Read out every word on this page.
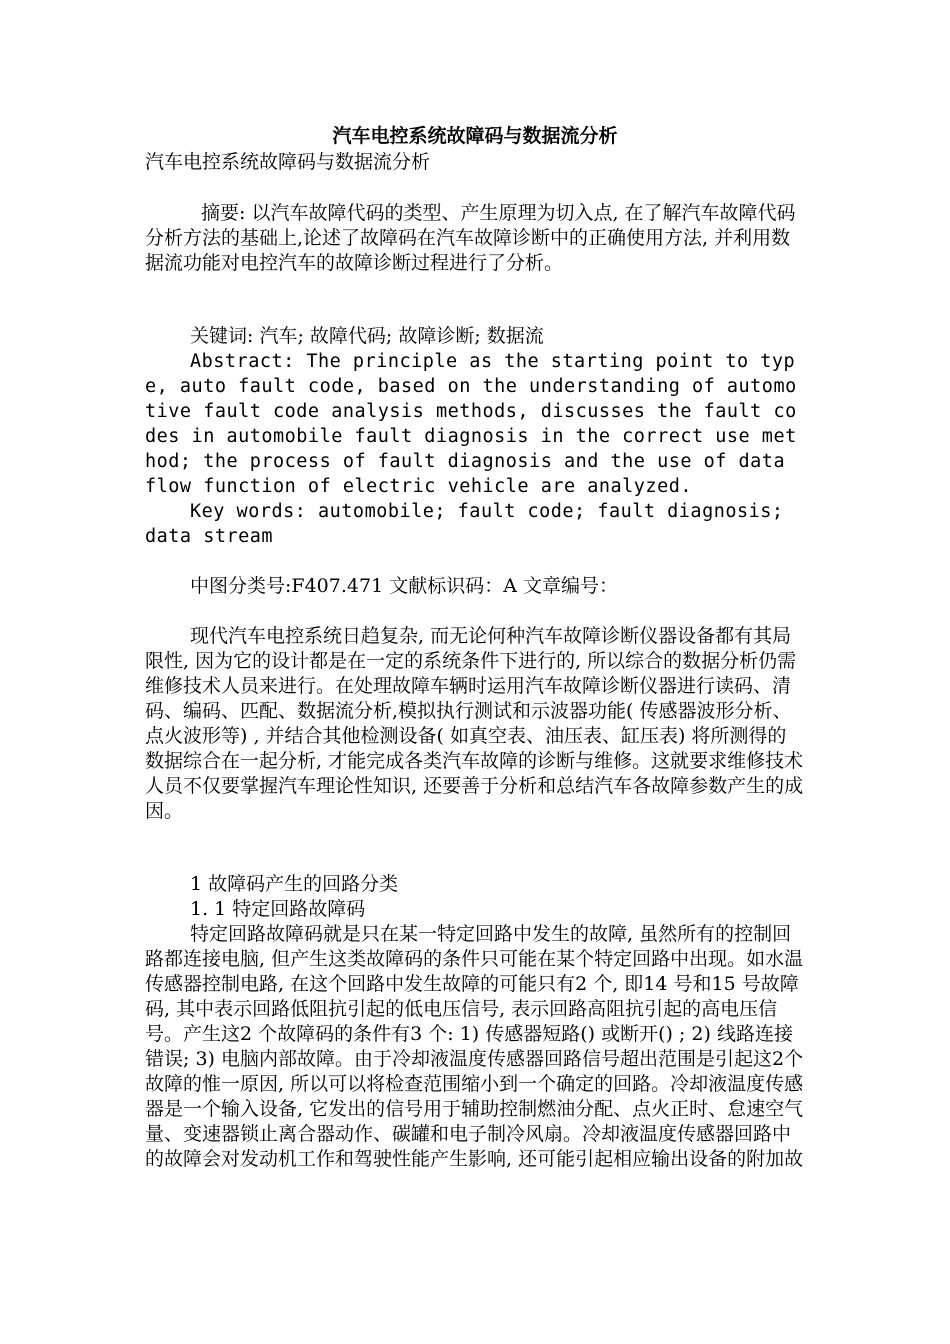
汽车电控系统故障码与数据流分析
汽车电控系统故障码与数据流分析
摘要: 以汽车故障代码的类型、产生原理为切入点, 在了解汽车故障代码分析方法的基础上,论述了故障码在汽车故障诊断中的正确使用方法, 并利用数据流功能对电控汽车的故障诊断过程进行了分析。
关键词: 汽车; 故障代码; 故障诊断; 数据流
Abstract: The principle as the starting point to type, auto fault code, based on the understanding of automotive fault code analysis methods, discusses the fault codes in automobile fault diagnosis in the correct use method; the process of fault diagnosis and the use of data flow function of electric vehicle are analyzed.
Key words: automobile; fault code; fault diagnosis; data stream
中图分类号:F407.471 文献标识码：A 文章编号：
现代汽车电控系统日趋复杂, 而无论何种汽车故障诊断仪器设备都有其局限性, 因为它的设计都是在一定的系统条件下进行的, 所以综合的数据分析仍需维修技术人员来进行。在处理故障车辆时运用汽车故障诊断仪器进行读码、清码、编码、匹配、数据流分析,模拟执行测试和示波器功能( 传感器波形分析、点火波形等) , 并结合其他检测设备( 如真空表、油压表、缸压表) 将所测得的数据综合在一起分析, 才能完成各类汽车故障的诊断与维修。这就要求维修技术人员不仅要掌握汽车理论性知识, 还要善于分析和总结汽车各故障参数产生的成因。
1 故障码产生的回路分类
1. 1 特定回路故障码
特定回路故障码就是只在某一特定回路中发生的故障, 虽然所有的控制回路都连接电脑, 但产生这类故障码的条件只可能在某个特定回路中出现。如水温传感器控制电路, 在这个回路中发生故障的可能只有2 个, 即14 号和15 号故障码, 其中表示回路低阻抗引起的低电压信号, 表示回路高阻抗引起的高电压信号。产生这2 个故障码的条件有3 个: 1) 传感器短路() 或断开() ; 2) 线路连接错误; 3) 电脑内部故障。由于冷却液温度传感器回路信号超出范围是引起这2个故障的惟一原因, 所以可以将检查范围缩小到一个确定的回路。冷却液温度传感器是一个输入设备, 它发出的信号用于辅助控制燃油分配、点火正时、怠速空气量、变速器锁止离合器动作、碳罐和电子制冷风扇。冷却液温度传感器回路中的故障会对发动机工作和驾驶性能产生影响, 还可能引起相应输出设备的附加故
